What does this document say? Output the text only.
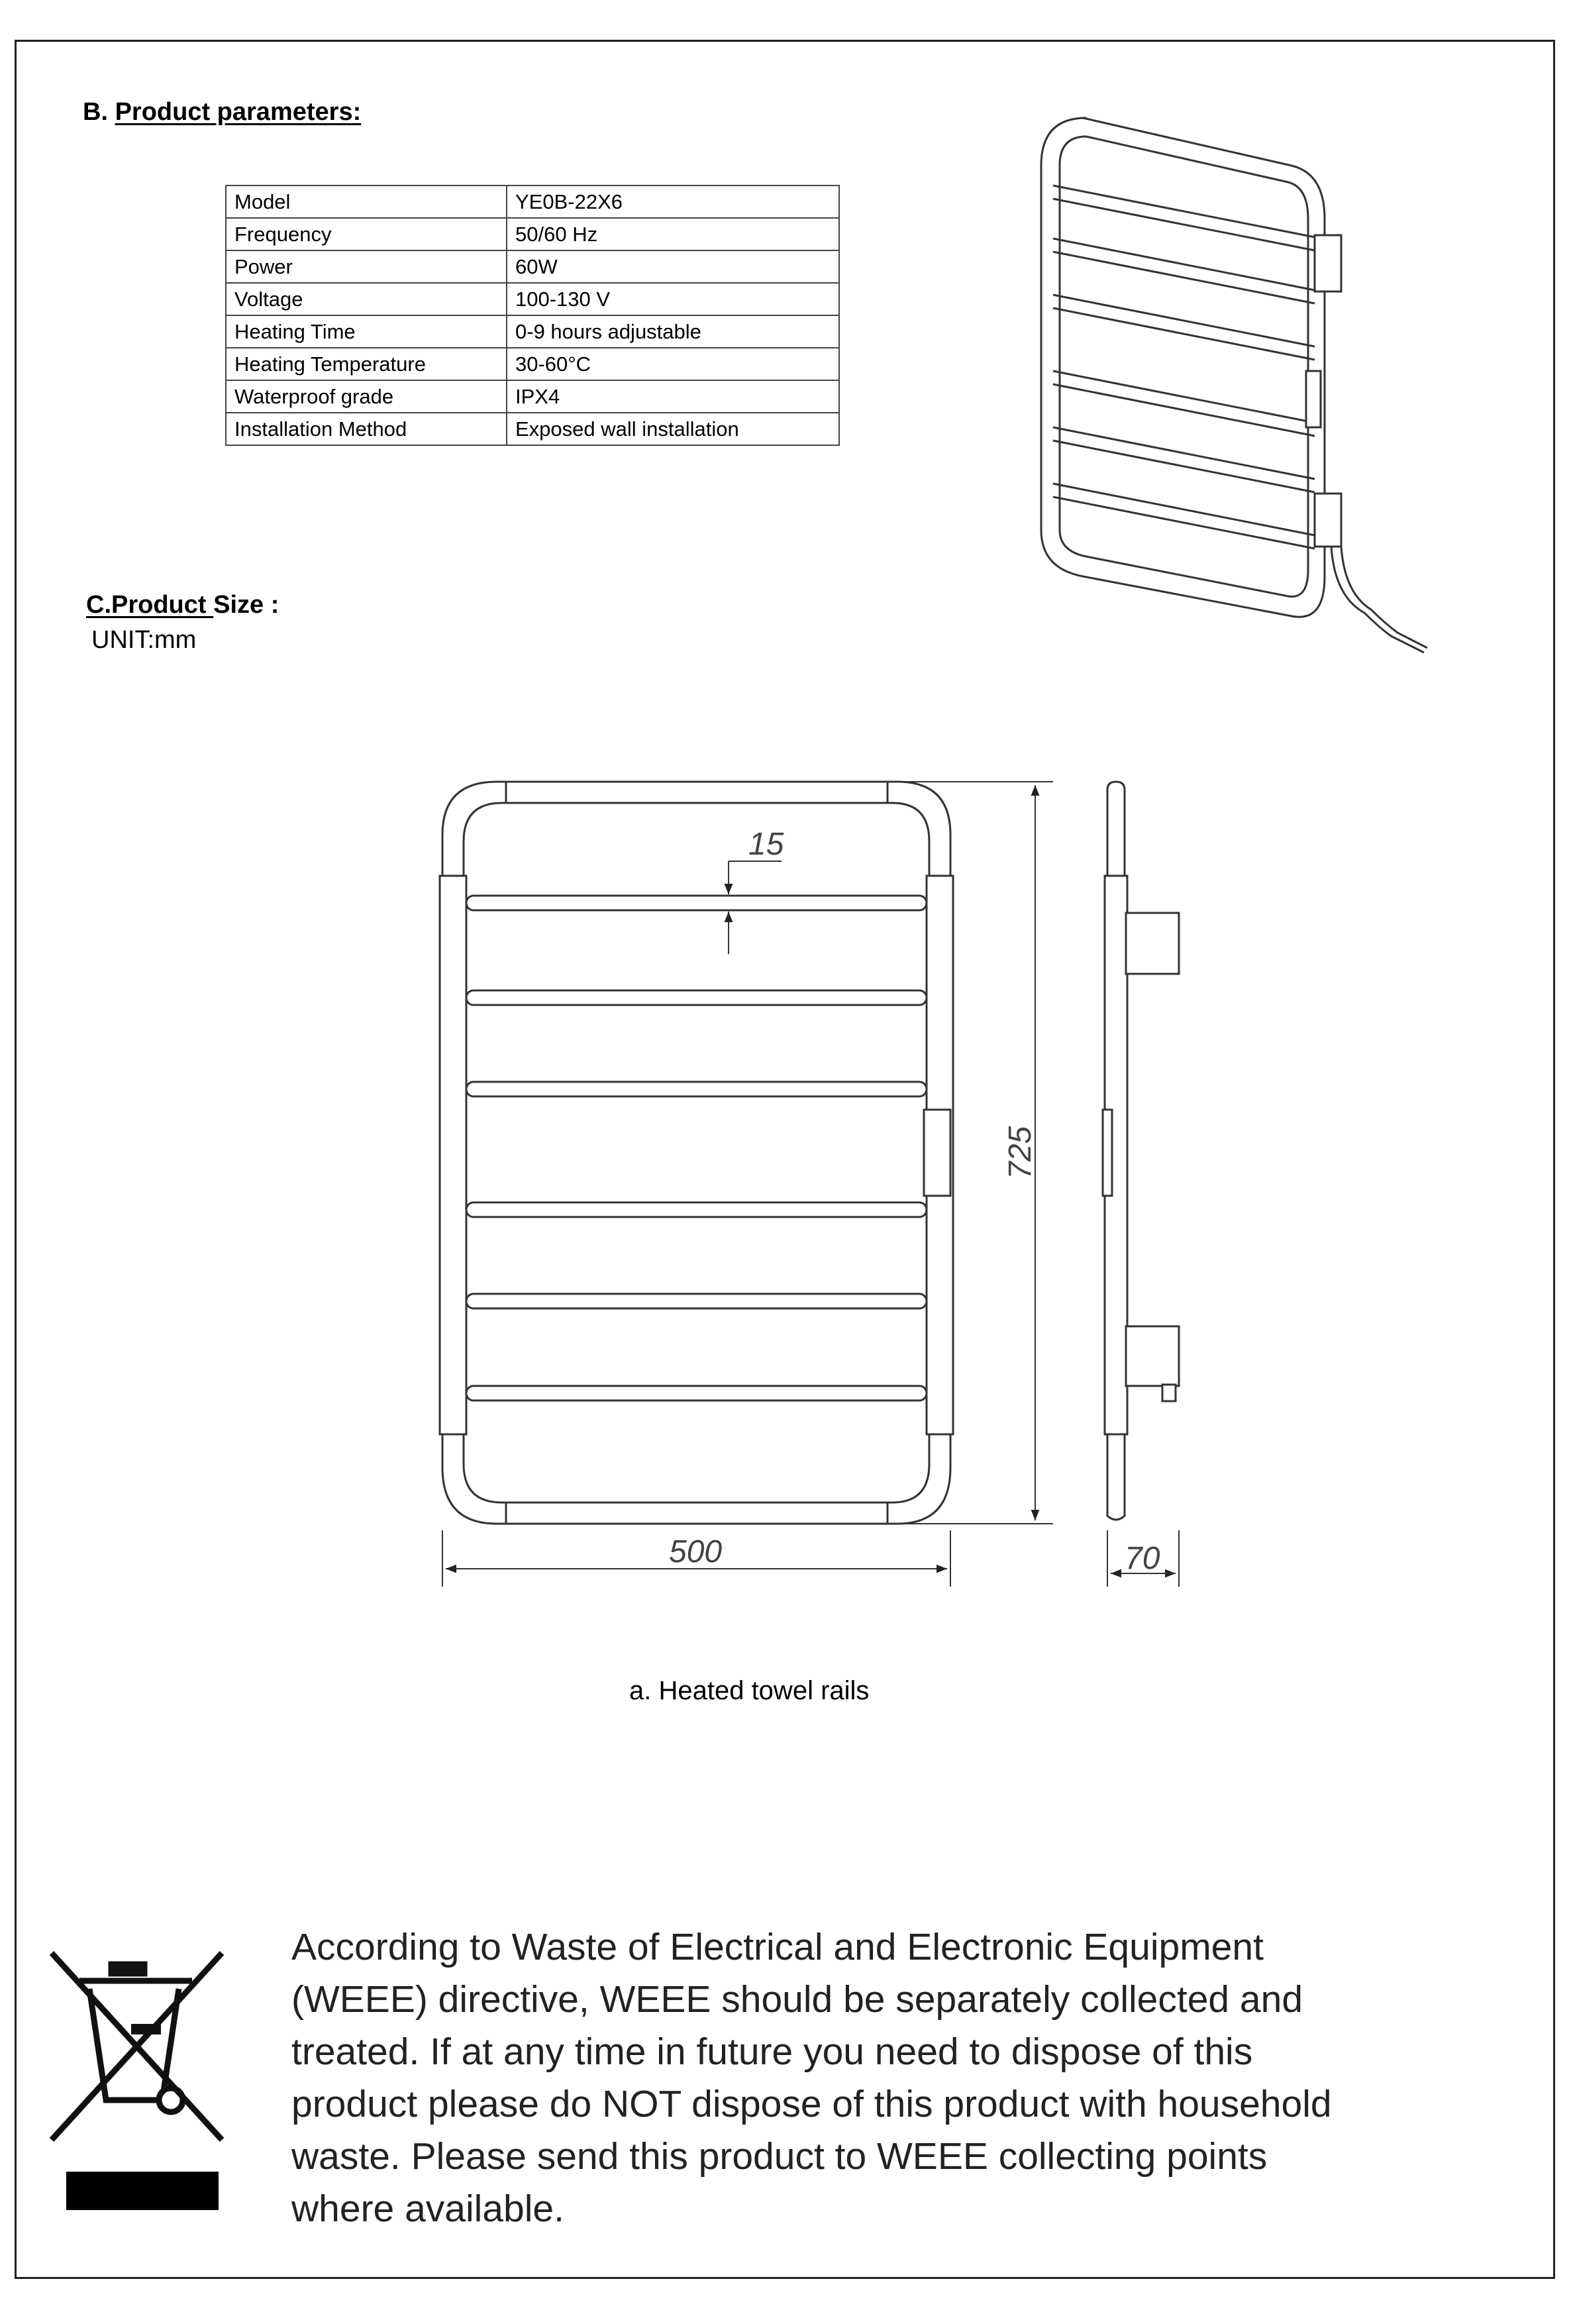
B. Product parameters:
Model	YE0B-22X6
Frequency	50/60 Hz
Power	60W
Voltage	100-130 V
Heating Time	0-9 hours adjustable
Heating Temperature	30-60°C
Waterproof grade	IPX4
Installation Method	Exposed wall installation
C.Product Size :
UNIT:mm
15
500	70
725
a. Heated towel rails
According to Waste of Electrical and Electronic Equipment
(WEEE) directive, WEEE should be separately collected and
treated. If at any time in future you need to dispose of this
product please do NOT dispose of this product with household
waste. Please send this product to WEEE collecting points
where available.
